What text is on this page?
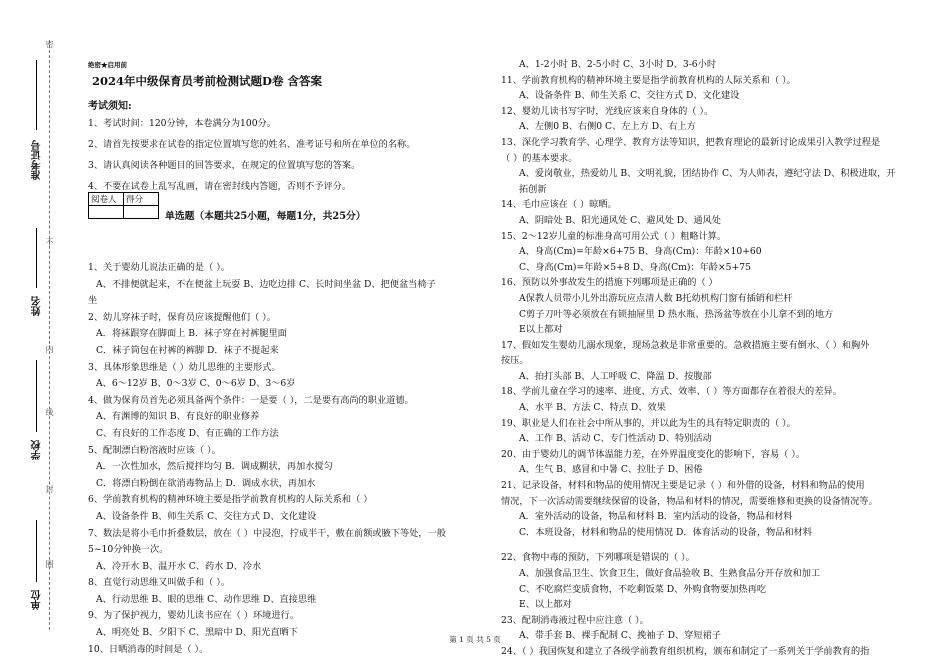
密
不
内
线
封
圈
准考证号
姓名
学校
单位
绝密★启用前
2024年中级保育员考前检测试题D卷 含答案
考试须知:

1、考试时间：120分钟，本卷满分为100分。

2、请首先按要求在试卷的指定位置填写您的姓名、准考证号和所在单位的名称。

3、请认真阅读各种题目的回答要求，在规定的位置填写您的答案。

4、不要在试卷上乱写乱画，请在密封线内答题，否则不予评分。

阅卷人	得分

单选题（本题共25小题，每题1分，共25分）

1、关于婴幼儿说法正确的是（ ）。

A、不排便就起来，不在便盆上玩耍 B、边吃边排 C、长时间坐盆 D、把便盆当椅子

坐

2、幼儿穿袜子时，保育员应该提醒他们（ ）。

A．将袜跟穿在脚面上 B．袜子穿在衬裤腿里面

C．袜子筒包在衬裤的裤脚 D．袜子不提起来

3、具体形象思维是（ ）幼儿思维的主要形式。

A、6～12岁 B、0～3岁 C、0～6岁 D、3～6岁

4、做为保育员首先必须具备两个条件：一是要（ ），二是要有高尚的职业道德。

A、有渊博的知识 B、有良好的职业修养

C、有良好的工作态度 D、有正确的工作方法

5、配制漂白粉溶液时应该（ ）。

A．一次性加水，然后搅拌均匀 B．调成糊状，再加水搅匀

C．将漂白粉倒在欲消毒物品上 D．调成水状，再加水

6、学前教育机构的精神环境主要是指学前教育机构的人际关系和（ ）

A、设备条件 B、师生关系 C、交往方式 D、文化建设

7、数法是将小毛巾折叠数层，放在（ ）中浸泡，拧成半干，敷在前额或腋下等处，一般

5~10分钟换一次。

A、冷开水 B、温开水 C、药水 D、冷水

8、直觉行动思维又叫做手和（ ）。

A、行动思维 B、眼的思维 C、动作思维 D、直接思维

9、为了保护视力，婴幼儿读书应在（ ）环境进行。

A、明亮处 B、夕阳下 C、黑暗中 D、阳光直晒下

10、日晒消毒的时间是（ ）。

A、1-2小时 B、2-5小时 C、3小时 D、3-6小时

11、学前教育机构的精神环境主要是指学前教育机构的人际关系和（ ）。

A、设备条件 B、师生关系 C、交往方式 D、文化建设

12、婴幼儿读书写字时，光线应该来自身体的（ ）。

A、左侧0 B、右侧0 C、左上方 D、右上方

13、深化学习教育学、心理学、教育方法等知识，把教育理论的最新讨论成果引入教学过程是

（ ）的基本要求。

A、爱岗敬业，热爱幼儿 B、文明礼貌，团结协作 C、为人师表，遵纪守法 D、积极进取，开拓创新

14、毛巾应该在（ ）晾晒。

A、阴暗处 B、阳光通风处 C、避风处 D、通风处

15、2～12岁儿童的标准身高可用公式（ ）粗略计算。

A、身高(Cm)=年龄×6+75 B、身高(Cm)：年龄×10+60

C、身高(Cm)=年龄×5+8 D、身高(Cm)：年龄×5+75

16、预防以外事故发生的措施下列哪项是正确的（ ）

A保教人员带小儿外出游玩应点清人数 B托幼机构门窗有插销和栏杆

C剪子刀叶等必须放在有锁抽屉里 D 热水瓶、热汤盆等放在小儿拿不到的地方

E以上都对

17、假如发生婴幼儿溺水现象，现场急救是非常重要的。急救措施主要有倒水、（ ）和胸外

按压。

A、拍打头部 B、人工呼吸 C、降温 D、按腹部

18、学前儿童在学习的速率、进度、方式、效率、（ ）等方面都存在着很大的差异。

A、水平 B、方法 C、特点 D、效果

19、职业是人们在社会中所从事的，并以此为生的具有特定职责的（ ）。

A、工作 B、活动 C、专门性活动 D、特别活动

20、由于婴幼儿的调节体温能力差，在外界温度变化的影响下，容易（ ）。

A、生气 B、感冒和中暑 C、拉肚子 D、困倦

21、记录设备，材料和物品的使用情况主要是记录（ ）和外借的设备，材料和物品的使用

情况，下一次活动需要继续保留的设备，物品和材料的情况，需要维修和更换的设备情况等。

A．室外活动的设备，物品和材料 B．室内活动的设备，物品和材料

C．本班设备，材料和物品的使用情况 D．体育活动的设备，物品和材料

22、食物中毒的预防，下列哪项是错误的（ ）。

A、加强食品卫生、饮食卫生，做好食品验收 B、生熟食品分开存放和加工

C、不吃腐烂变质食物，不吃剩饭菜 D、外购食物要加热再吃

E、以上都对

23、配制消毒液过程中应注意（ ）。

A、带手套 B、裸手配制 C、挽袖子 D、穿短裙子

24、（ ）我国恢复和建立了各级学前教育组织机构，颁布和制定了一系列关于学前教育的指

第 1 页 共 5 页
